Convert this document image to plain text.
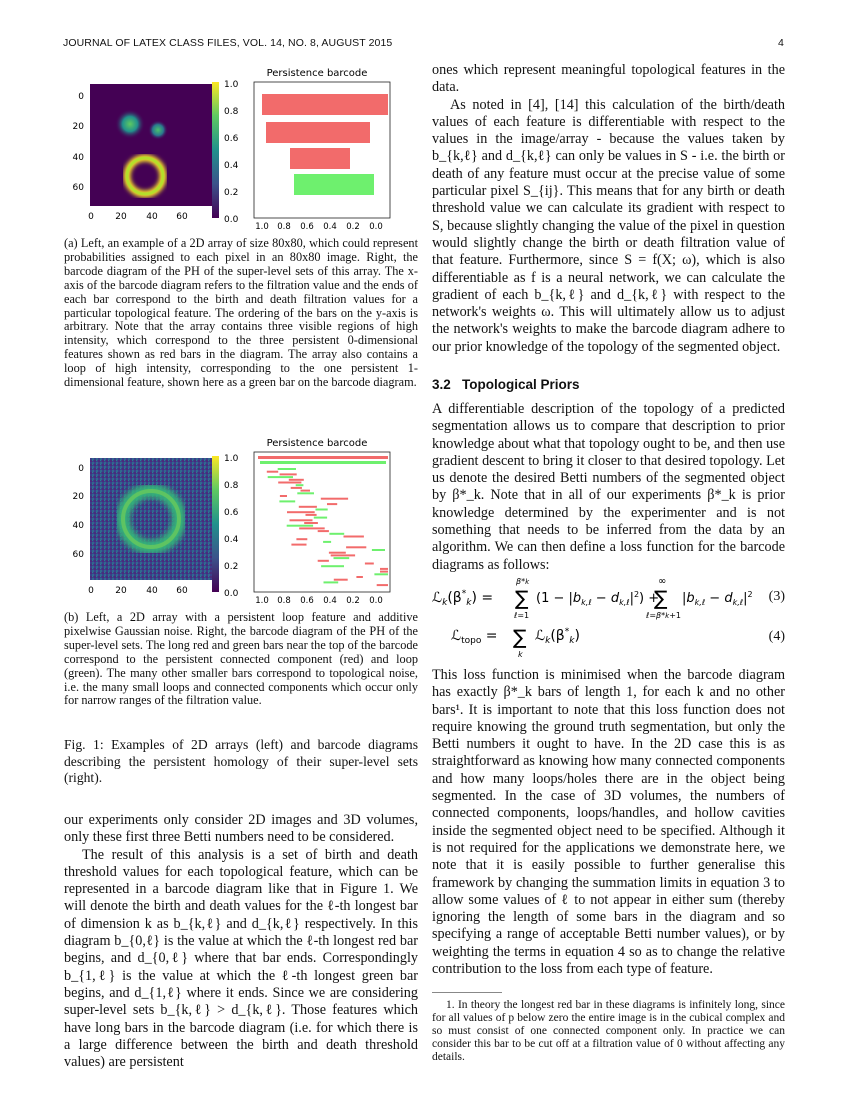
JOURNAL OF LATEX CLASS FILES, VOL. 14, NO. 8, AUGUST 2015	4
0
20
40
60
0 20 40 60
1.0
0.8
0.6
0.4
0.2
0.0
Persistence barcode
1.0 0.8 0.6 0.4 0.2 0.0
(a) Left, an example of a 2D array of size 80x80, which could represent probabilities assigned to each pixel in an 80x80 image. Right, the barcode diagram of the PH of the super-level sets of this array. The x-axis of the barcode diagram refers to the filtration value and the ends of each bar correspond to the birth and death filtration values for a particular topological feature. The ordering of the bars on the y-axis is arbitrary. Note that the array contains three visible regions of high intensity, which correspond to the three persistent 0-dimensional features shown as red bars in the diagram. The array also contains a loop of high intensity, corresponding to the one persistent 1-dimensional feature, shown here as a green bar on the barcode diagram.
0
20
40
60
0 20 40 60
1.0
0.8
0.6
0.4
0.2
0.0
Persistence barcode
1.0 0.8 0.6 0.4 0.2 0.0
(b) Left, a 2D array with a persistent loop feature and additive pixelwise Gaussian noise. Right, the barcode diagram of the PH of the super-level sets. The long red and green bars near the top of the barcode correspond to the persistent connected component (red) and loop (green). The many other smaller bars correspond to topological noise, i.e. the many small loops and connected components which occur only for narrow ranges of the filtration value.
Fig. 1: Examples of 2D arrays (left) and barcode diagrams describing the persistent homology of their super-level sets (right).

our experiments only consider 2D images and 3D volumes, only these first three Betti numbers need to be considered.

The result of this analysis is a set of birth and death threshold values for each topological feature, which can be represented in a barcode diagram like that in Figure 1. We will denote the birth and death values for the ℓ-th longest bar of dimension k as b_{k,ℓ} and d_{k,ℓ} respectively. In this diagram b_{0,ℓ} is the value at which the ℓ-th longest red bar begins, and d_{0,ℓ} where that bar ends. Correspondingly b_{1,ℓ} is the value at which the ℓ-th longest green bar begins, and d_{1,ℓ} where it ends. Since we are considering super-level sets b_{k,ℓ} > d_{k,ℓ}. Those features which have long bars in the barcode diagram (i.e. for which there is a large difference between the birth and death threshold values) are persistent

ones which represent meaningful topological features in the data.

As noted in [4], [14] this calculation of the birth/death values of each feature is differentiable with respect to the values in the image/array - because the values taken by b_{k,ℓ} and d_{k,ℓ} can only be values in S - i.e. the birth or death of any feature must occur at the precise value of some particular pixel S_{ij}. This means that for any birth or death threshold value we can calculate its gradient with respect to S, because slightly changing the value of the pixel in question would slightly change the birth or death filtration value of that feature. Furthermore, since S = f(X; ω), which is also differentiable as f is a neural network, we can calculate the gradient of each b_{k,ℓ} and d_{k,ℓ} with respect to the network's weights ω. This will ultimately allow us to adjust the network's weights to make the barcode diagram adhere to our prior knowledge of the topology of the segmented object.

3.2 Topological Priors

A differentiable description of the topology of a predicted segmentation allows us to compare that description to prior knowledge about what that topology ought to be, and then use gradient descent to bring it closer to that desired topology. Let us denote the desired Betti numbers of the segmented object by β*_k. Note that in all of our experiments β*_k is prior knowledge determined by the experimenter and is not something that needs to be inferred from the data by an algorithm. We can then define a loss function for the barcode diagrams as follows:

$ℒ_k(\beta^*_k)$ = ∑
β*k
ℓ=1
$(1 - |b_{k,\ell} - d_{k,\ell}|^2)$ +
∑
∞
ℓ=β*k+1
$|b_{k,\ell} - d_{k,\ell}|^2$ (3)
ℒ$_{topo}$ = ∑
k
$ℒ_k(\beta^*_k)$	(4)

This loss function is minimised when the barcode diagram has exactly β*_k bars of length 1, for each k and no other bars¹. It is important to note that this loss function does not require knowing the ground truth segmentation, but only the Betti numbers it ought to have. In the 2D case this is as straightforward as knowing how many connected components and how many loops/holes there are in the object being segmented. In the case of 3D volumes, the numbers of connected components, loops/handles, and hollow cavities inside the segmented object need to be specified. Although it is not required for the applications we demonstrate here, we note that it is easily possible to further generalise this framework by changing the summation limits in equation 3 to allow some values of ℓ to not appear in either sum (thereby ignoring the length of some bars in the diagram and so specifying a range of acceptable Betti number values), or by weighting the terms in equation 4 so as to change the relative contribution to the loss from each type of feature.

1. In theory the longest red bar in these diagrams is infinitely long, since for all values of p below zero the entire image is in the cubical complex and so must consist of one connected component only. In practice we can consider this bar to be cut off at a filtration value of 0 without affecting any details.
